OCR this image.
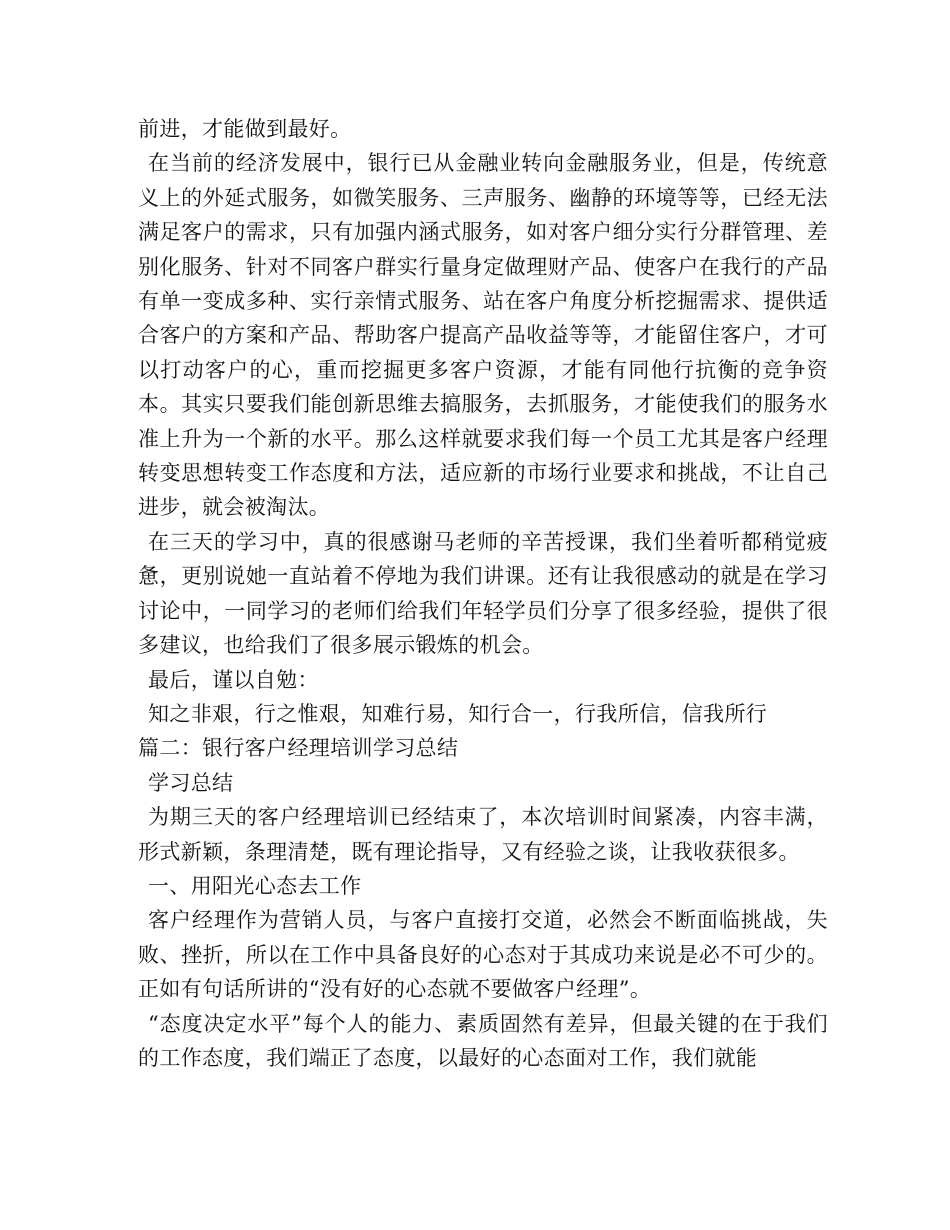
前进，才能做到最好。

在当前的经济发展中，银行已从金融业转向金融服务业，但是，传统意义上的外延式服务，如微笑服务、三声服务、幽静的环境等等，已经无法满足客户的需求，只有加强内涵式服务，如对客户细分实行分群管理、差别化服务、针对不同客户群实行量身定做理财产品、使客户在我行的产品有单一变成多种、实行亲情式服务、站在客户角度分析挖掘需求、提供适合客户的方案和产品、帮助客户提高产品收益等等，才能留住客户，才可以打动客户的心，重而挖掘更多客户资源，才能有同他行抗衡的竞争资本。其实只要我们能创新思维去搞服务，去抓服务，才能使我们的服务水准上升为一个新的水平。那么这样就要求我们每一个员工尤其是客户经理转变思想转变工作态度和方法，适应新的市场行业要求和挑战，不让自己进步，就会被淘汰。

在三天的学习中，真的很感谢马老师的辛苦授课，我们坐着听都稍觉疲惫，更别说她一直站着不停地为我们讲课。还有让我很感动的就是在学习讨论中，一同学习的老师们给我们年轻学员们分享了很多经验，提供了很多建议，也给我们了很多展示锻炼的机会。

最后，谨以自勉：

知之非艰，行之惟艰，知难行易，知行合一，行我所信，信我所行

篇二：银行客户经理培训学习总结

学习总结

为期三天的客户经理培训已经结束了，本次培训时间紧凑，内容丰满，形式新颖，条理清楚，既有理论指导，又有经验之谈，让我收获很多。

一、用阳光心态去工作

客户经理作为营销人员，与客户直接打交道，必然会不断面临挑战，失败、挫折，所以在工作中具备良好的心态对于其成功来说是必不可少的。正如有句话所讲的“没有好的心态就不要做客户经理”。

“态度决定水平”每个人的能力、素质固然有差异，但最关键的在于我们的工作态度，我们端正了态度，以最好的心态面对工作，我们就能
